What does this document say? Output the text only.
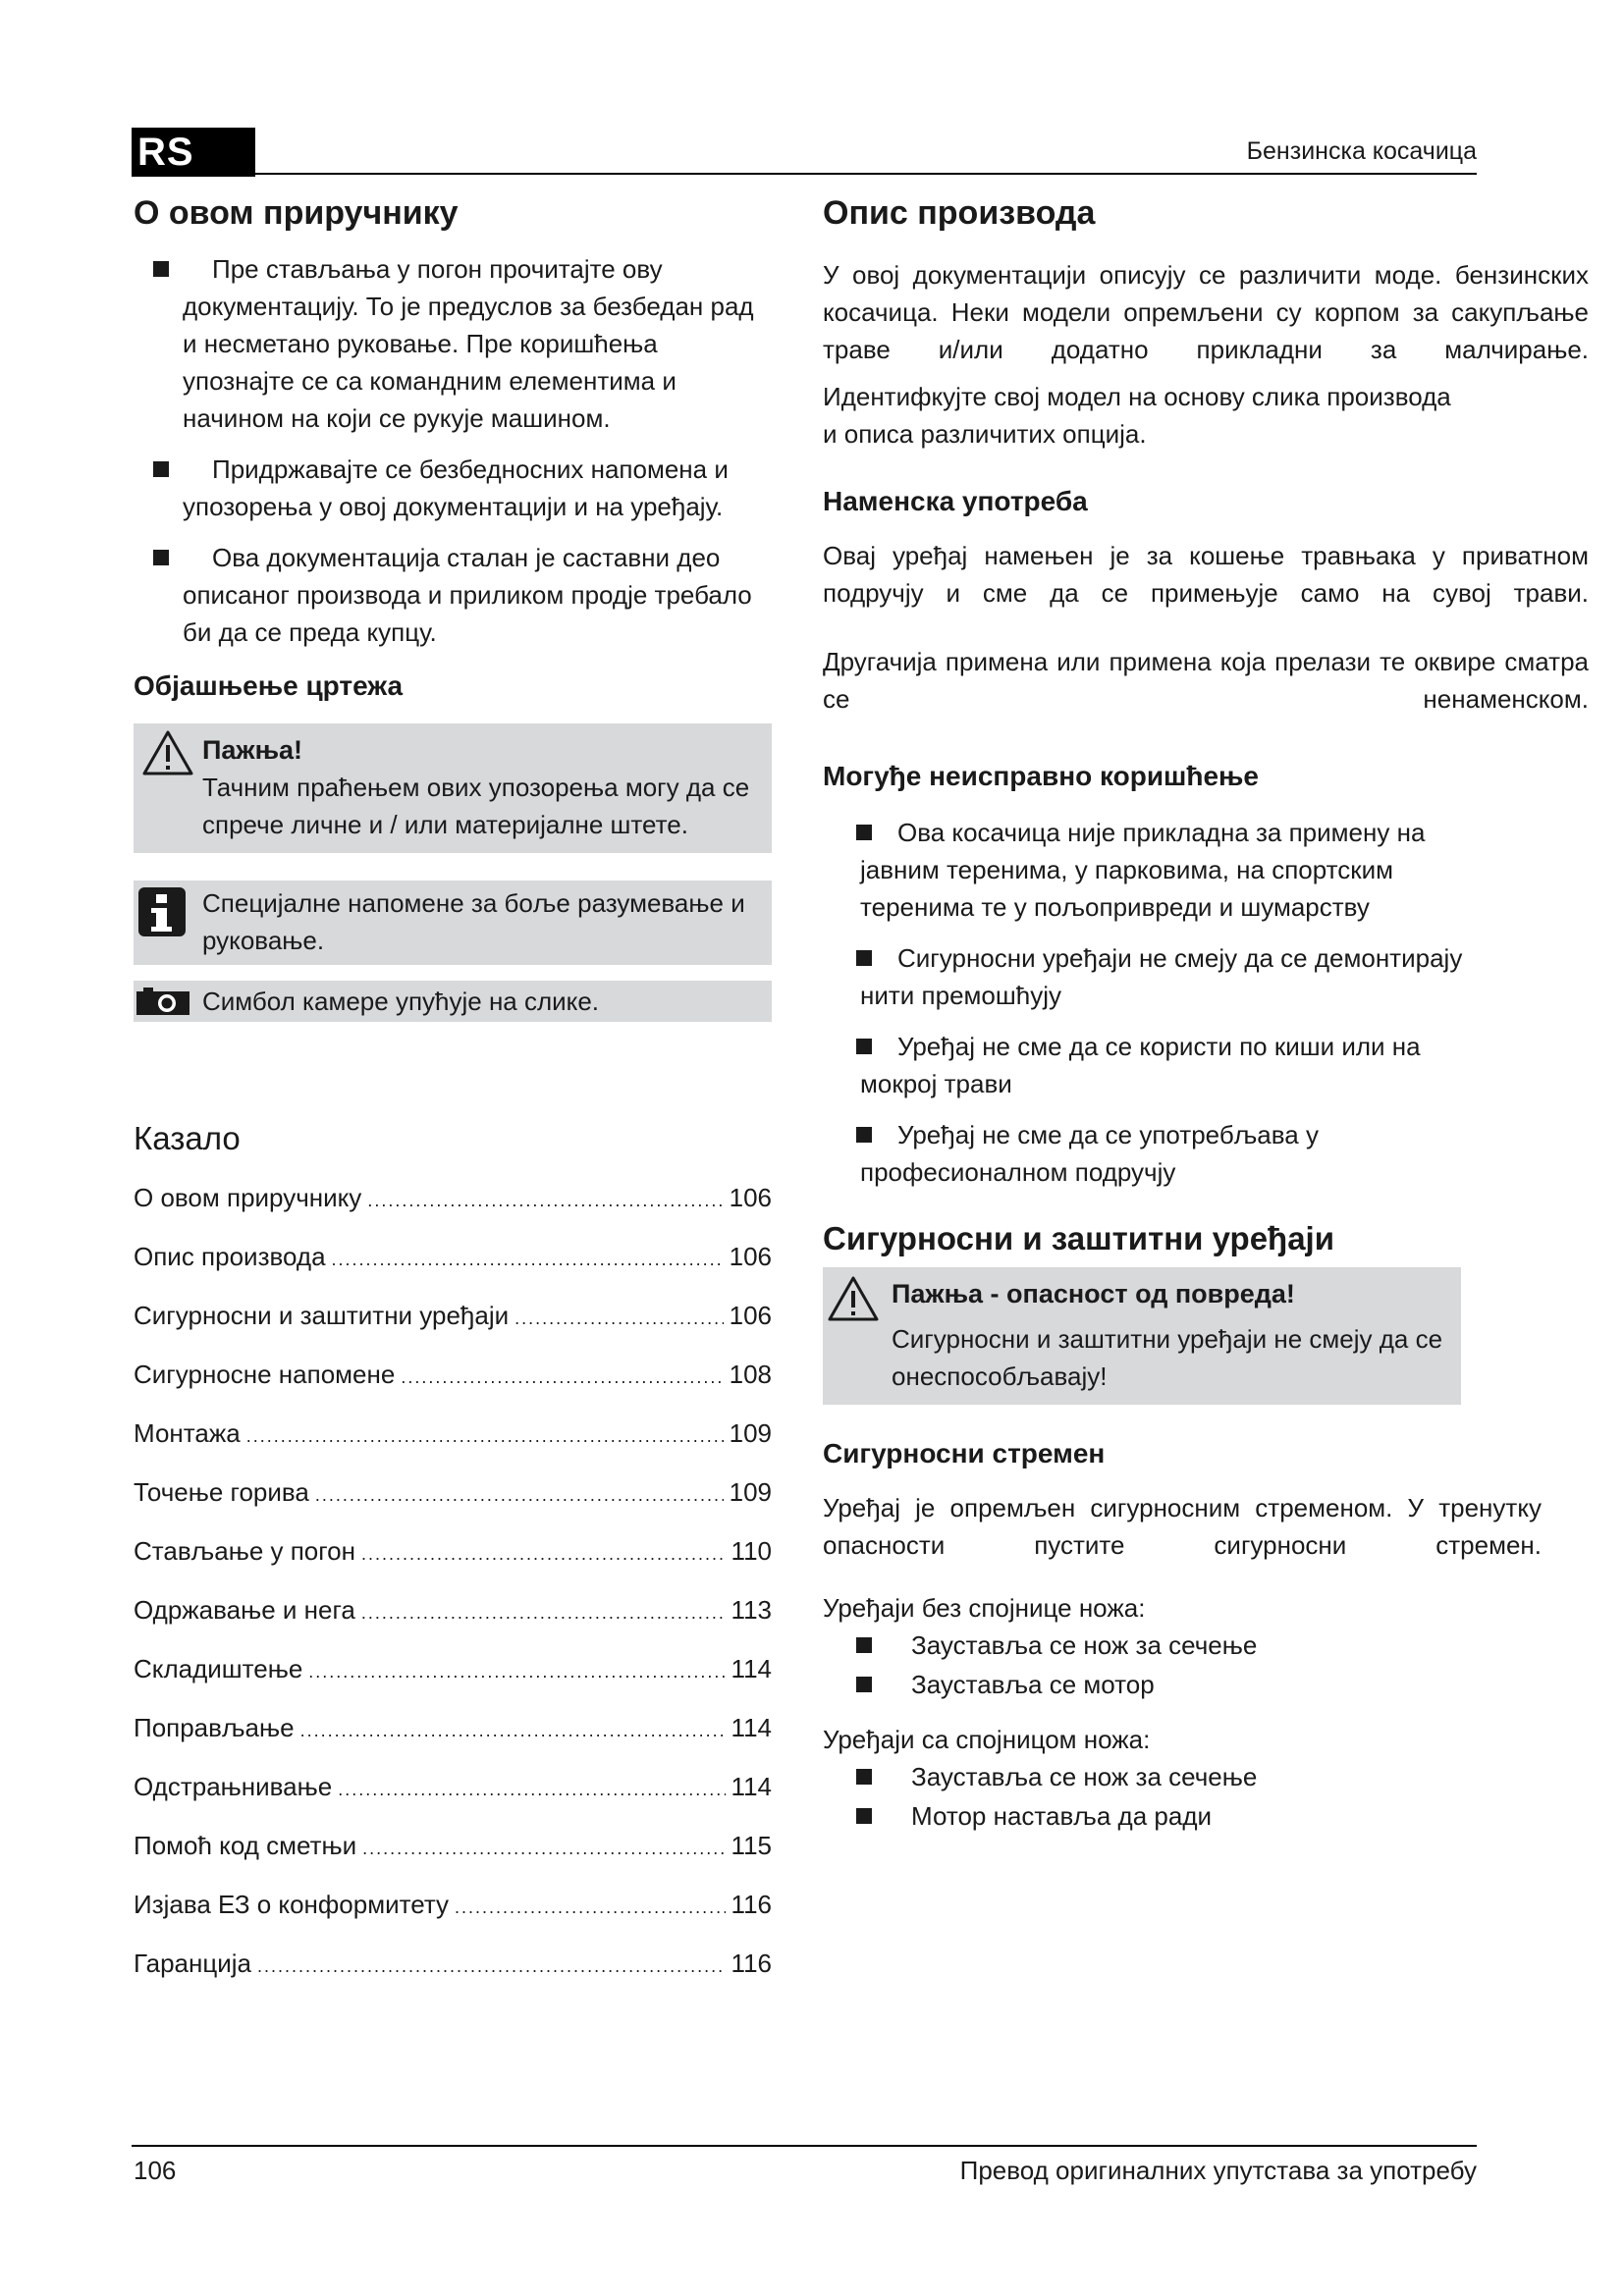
RS	Бензинска косачица
О овом приручнику
Пре стављања у погон прочитајте ову документацију. То је предуслов за безбедан рад и несметано руковање. Пре коришћења упознајте се са командним елементима и начином на који се рукује машином.
Придржавајте се безбедносних напомена и упозорења у овој документацији и на уређају.
Ова документација сталан је саставни део описаног производа и приликом продје требало би да се преда купцу.
Објашњење цртежа
Пажња!
Тачним праћењем ових упозорења могу да се спрече личне и / или материјалне штете.
Специјалне напомене за боље разумевање и руковање.
Симбол камере упућује на слике.
Казало
О овом приручнику .....	106
Опис производа .....	106
Сигурносни и заштитни уређаји .....	106
Сигурносне напомене .....	108
Монтажа .....	109
Точење горива .....	109
Стављање у погон .....	110
Одржавање и нега .....	113
Складиштење .....	114
Поправљање .....	114
Одстрањнивање .....	114
Помоћ код сметњи .....	115
Изјава ЕЗ о конформитету .....	116
Гаранција .....	116
Опис производа

У овој документацији описују се различити моде. бензинских косачица. Неки модели опремљени су корпом за сакупљање траве и/или додатно прикладни за малчирање.

Идентифкујте свој модел на основу слика производа и описа различитих опција.

Наменска употреба

Овај уређај намењен је за кошење травњака у приватном подручју и сме да се примењује само на сувој трави.

Другачија примена или примена која прелази те оквире сматра се ненаменском.

Могуђе неисправно коришћење
Ова косачица није прикладна за примену на јавним теренима, у парковима, на спортским теренима те у пољопривреди и шумарству
Сигурносни уређаји не смеју да се демонтирају нити премошћују
Уређај не сме да се користи по киши или на мокрој трави
Уређај не сме да се употребљава у професионалном подручју
Сигурносни и заштитни уређаји
Пажња - опасност од повреда!
Сигурносни и заштитни уређаји не смеју да се онеспособљавају!
Сигурносни стремен

Уређај је опремљен сигурносним стременом. У тренутку опасности пустите сигурносни стремен.

Уређаји без спојнице ножа:

Зауставља се нож за сечење
Зауставља се мотор

Уређаји са спојницом ножа:

Зауставља се нож за сечење
Мотор наставља да ради
106	Превод оригиналних упутстава за употребу
